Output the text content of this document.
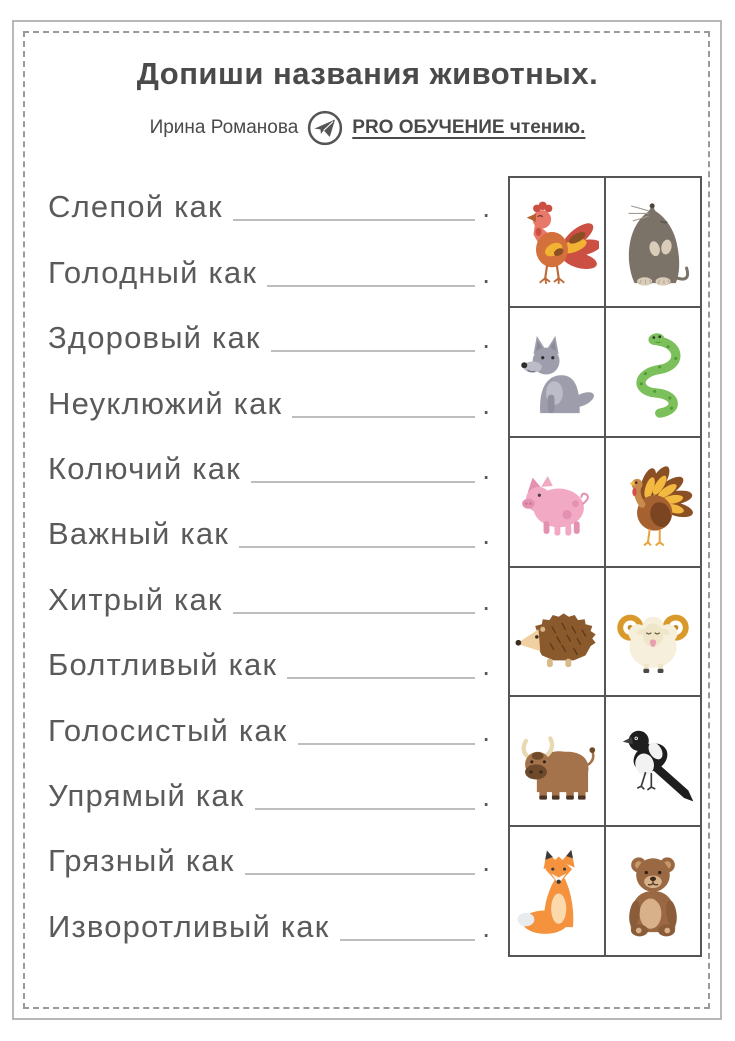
Допиши названия животных.
Ирина Романова	PRO ОБУЧЕНИЕ чтению.
Слепой как	.
Голодный как	.
Здоровый как	.
Неуклюжий как	.
Колючий как	.
Важный как	.
Хитрый как	.
Болтливый как	.
Голосистый как	.
Упрямый как	.
Грязный как	.
Изворотливый как	.
